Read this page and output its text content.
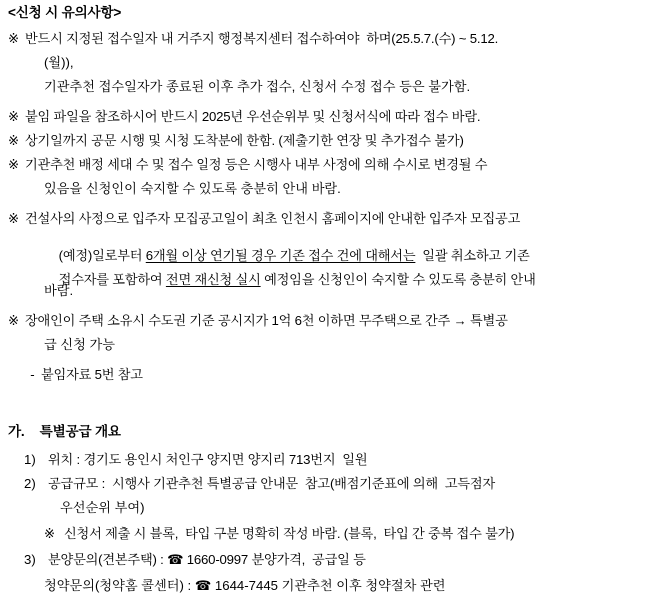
<신청 시 유의사항>
※ 반드시 지정된 접수일자 내 거주지 행정복지센터 접수하여야  하며(25.5.7.(수) ~ 5.12.
(월)),
기관추천 접수일자가 종료된 이후 추가 접수, 신청서 수정 접수 등은 불가함.
※ 붙임 파일을 참조하시어 반드시 2025년 우선순위부 및 신청서식에 따라 접수 바람.
※ 상기일까지 공문 시행 및 시청 도착분에 한함. (제출기한 연장 및 추가접수 불가)
※ 기관추천 배정 세대 수 및 접수 일정 등은 시행사 내부 사정에 의해 수시로 변경될 수
있음을 신청인이 숙지할 수 있도록 충분히 안내 바람.
※ 건설사의 사정으로 입주자 모집공고일이 최초 인천시 홈페이지에 안내한 입주자 모집공고

(예정)일로부터 6개월 이상 연기될 경우 기존 접수 건에 대해서는  일괄 취소하고 기존

접수자를 포함하여 전면 재신청 실시 예정임을 신청인이 숙지할 수 있도록 충분히 안내

바람.
※ 장애인이 주택 소유시 수도권 기준 공시지가 1억 6천 이하면 무주택으로 간주 → 특별공
급 신청 가능
- 붙임자료 5번 참고
가. 특별공급 개요
1) 위치 : 경기도 용인시 처인구 양지면 양지리 713번지  일원
2) 공급규모 :  시행사 기관추천 특별공급 안내문  참고(배점기준표에 의해  고득점자
우선순위 부여)
※ 신청서 제출 시 블록,  타입 구분 명확히 작성 바람. (블록,  타입 간 중복 접수 불가)
3) 분양문의(견본주택) : ☎ 1660-0997 분양가격,  공급일 등
청약문의(청약홈 콜센터) : ☎ 1644-7445 기관추천 이후 청약절차 관련
